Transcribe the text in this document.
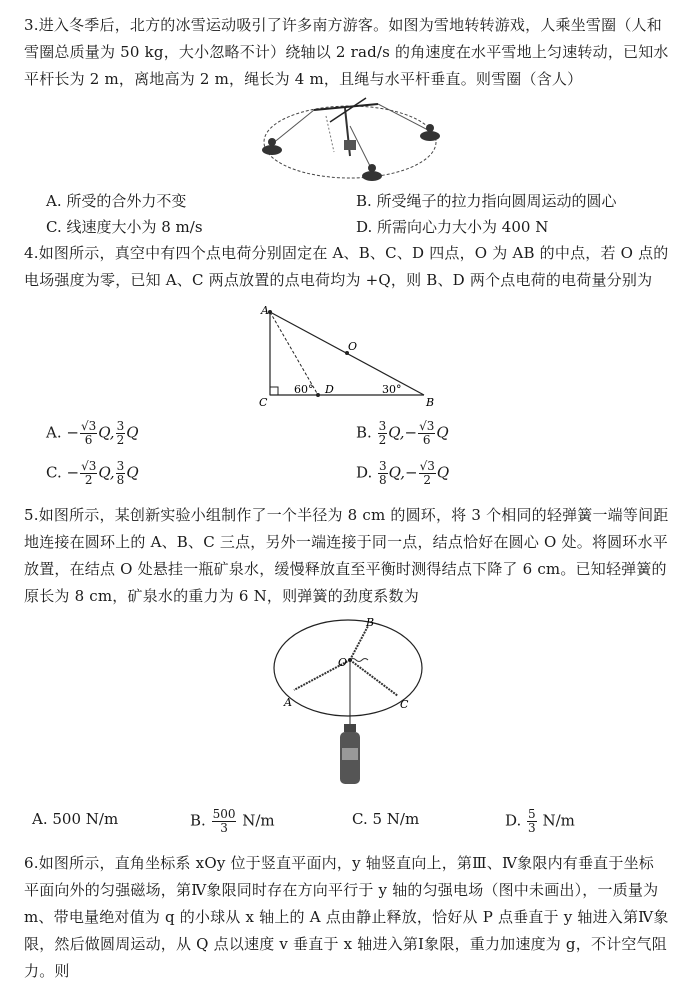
3.进入冬季后，北方的冰雪运动吸引了许多南方游客。如图为雪地转转游戏，人乘坐雪圈（人和雪圈总质量为 50 kg，大小忽略不计）绕轴以 2 rad/s 的角速度在水平雪地上匀速转动，已知水平杆长为 2 m，离地高为 2 m，绳长为 4 m，且绳与水平杆垂直。则雪圈（含人）

A. 所受的合外力不变	B. 所受绳子的拉力指向圆周运动的圆心
C. 线速度大小为 8 m/s	D. 所需向心力大小为 400 N

4.如图所示，真空中有四个点电荷分别固定在 A、B、C、D 四点，O 为 AB 的中点，若 O 点的电场强度为零，已知 A、C 两点放置的点电荷均为 +Q，则 B、D 两个点电荷的电荷量分别为

A
O
C
D
B
60°	30°
A. − $\frac{√3}{6} Q$, $\frac{3}{2}$ Q	B. $\frac{3}{2} Q,- \frac{√3}{6}$ Q
C. − $\frac{√3}{2} Q$, $\frac{3}{8}$ Q	D. $\frac{3}{8} Q,- \frac{√3}{2}$ Q

5.如图所示，某创新实验小组制作了一个半径为 8 cm 的圆环，将 3 个相同的轻弹簧一端等间距地连接在圆环上的 A、B、C 三点，另外一端连接于同一点，结点恰好在圆心 O 处。将圆环水平放置，在结点 O 处悬挂一瓶矿泉水，缓慢释放直至平衡时测得结点下降了 6 cm。已知轻弹簧的原长为 8 cm，矿泉水的重力为 6 N，则弹簧的劲度系数为

B
O
A	C
A. 500 N/m	B. $\frac{500}{3} N/m$	C. 5 N/m	D. $\frac{5}{3} N/m$

6.如图所示，直角坐标系 xOy 位于竖直平面内，y 轴竖直向上，第Ⅲ、Ⅳ象限内有垂直于坐标平面向外的匀强磁场，第Ⅳ象限同时存在方向平行于 y 轴的匀强电场（图中未画出），一质量为 m、带电量绝对值为 q 的小球从 x 轴上的 A 点由静止释放，恰好从 P 点垂直于 y 轴进入第Ⅳ象限，然后做圆周运动，从 Q 点以速度 v 垂直于 x 轴进入第Ⅰ象限，重力加速度为 g，不计空气阻力。则
